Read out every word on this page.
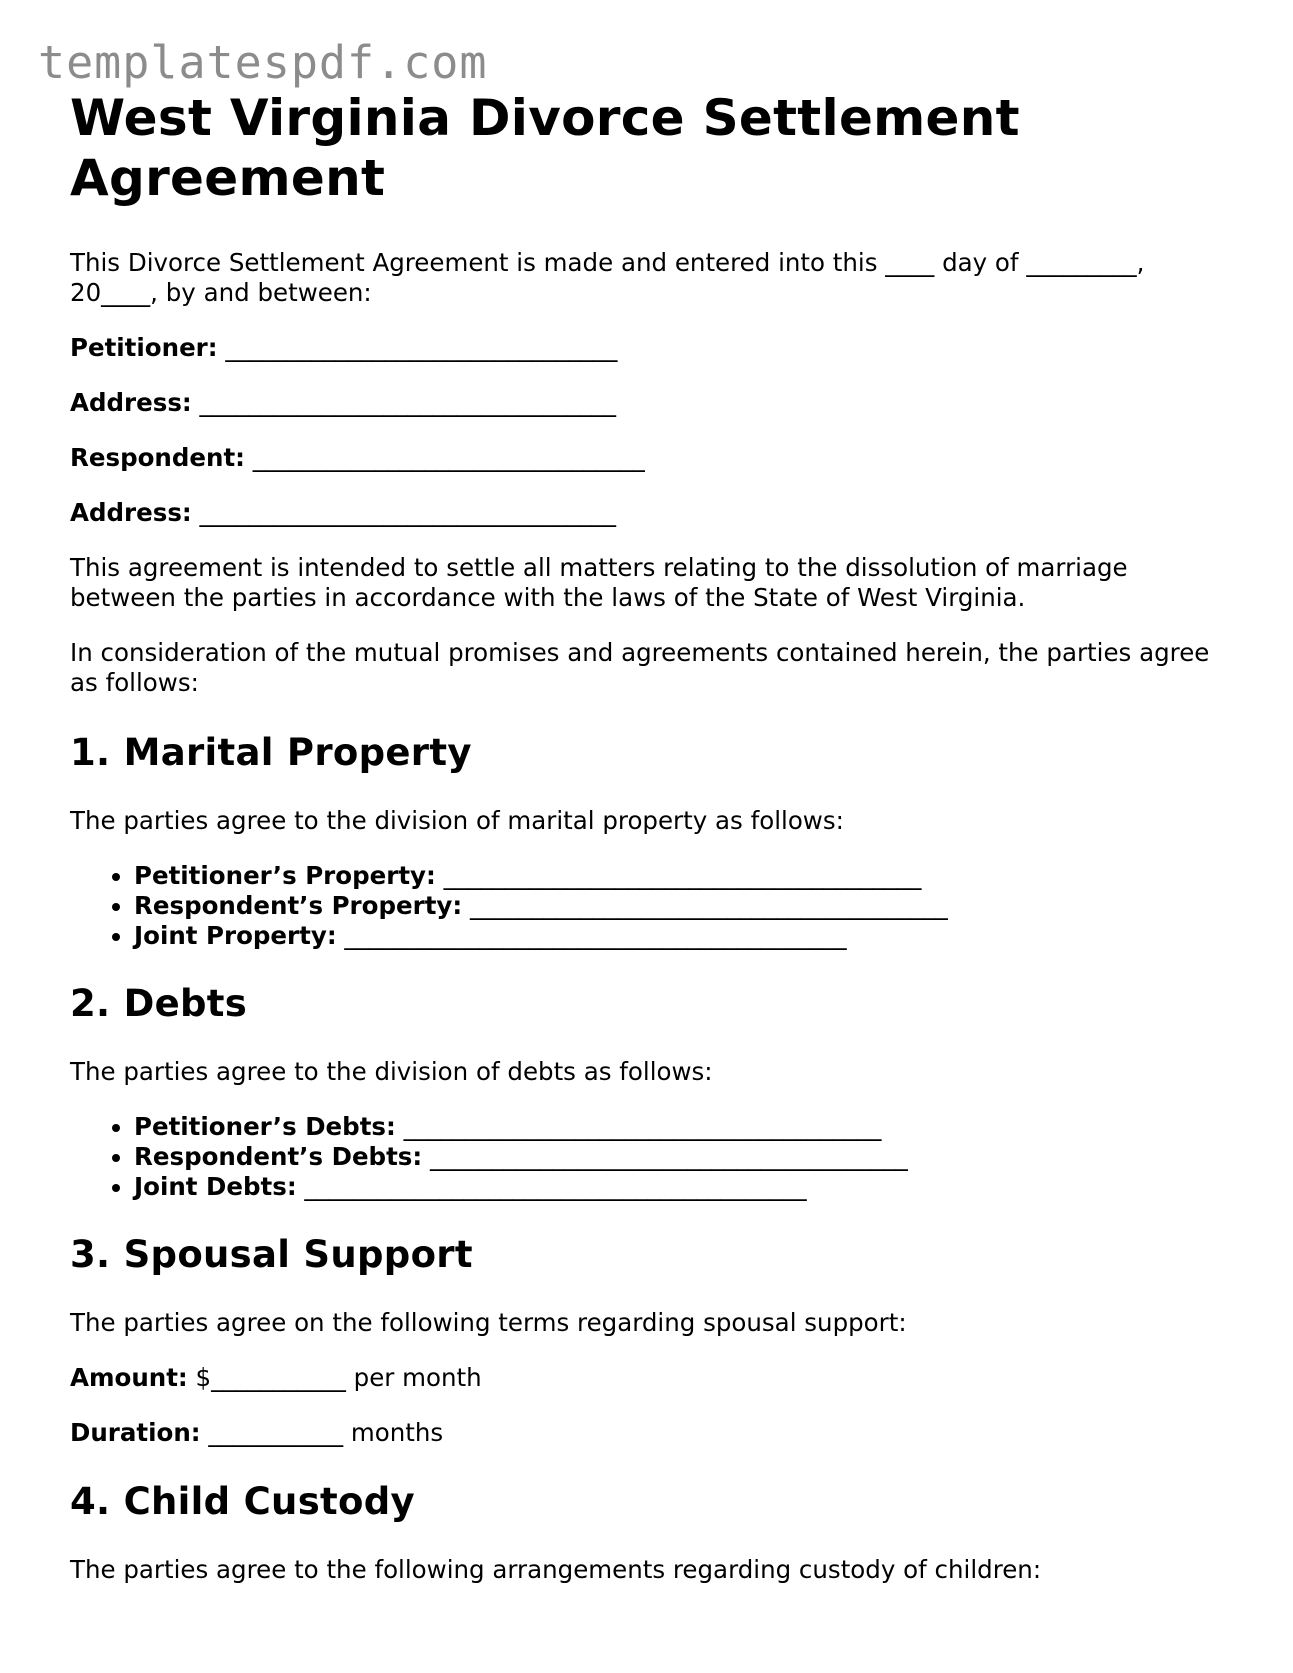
templatespdf.com
West Virginia Divorce Settlement Agreement

This Divorce Settlement Agreement is made and entered into this ____ day of _________, 20____, by and between:

Petitioner: ________________________________

Address: __________________________________

Respondent: ________________________________

Address: __________________________________

This agreement is intended to settle all matters relating to the dissolution of marriage between the parties in accordance with the laws of the State of West Virginia.

In consideration of the mutual promises and agreements contained herein, the parties agree as follows:

1. Marital Property

The parties agree to the division of marital property as follows:

• Petitioner’s Property: _______________________________________
• Respondent’s Property: _______________________________________
• Joint Property: _________________________________________
2. Debts

The parties agree to the division of debts as follows:

• Petitioner’s Debts: _______________________________________
• Respondent’s Debts: _______________________________________
• Joint Debts: _________________________________________
3. Spousal Support

The parties agree on the following terms regarding spousal support:

Amount: $___________ per month

Duration: ___________ months

4. Child Custody

The parties agree to the following arrangements regarding custody of children:
